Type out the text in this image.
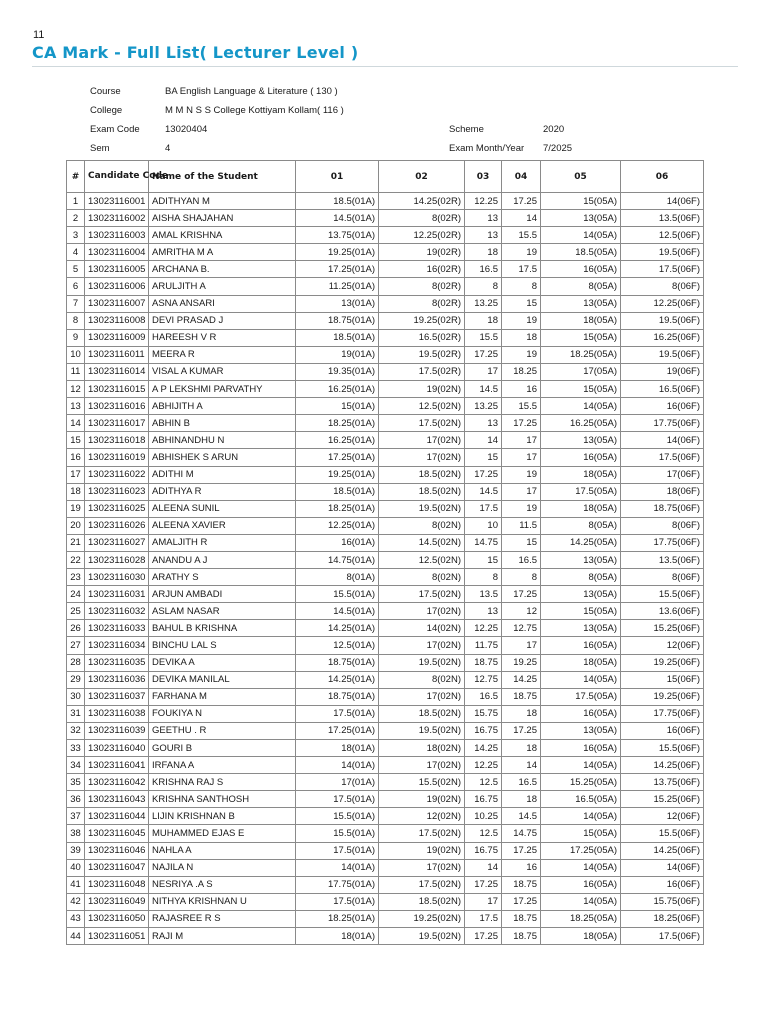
11
CA Mark - Full List( Lecturer Level )
Course	BA English Language & Literature ( 130 )
College	M M N S S College Kottiyam Kollam( 116 )
Exam Code	13020404	Scheme	2020
Sem	4	Exam Month/Year 7/2025
#	Candidate Code	Name of the Student	01	02	03	04	05	06
1	13023116001	ADITHYAN M	18.5(01A)	14.25(02R)	12.25	17.25	15(05A)	14(06F)
2	13023116002	AISHA SHAJAHAN	14.5(01A)	8(02R)	13	14	13(05A)	13.5(06F)
3	13023116003	AMAL KRISHNA	13.75(01A)	12.25(02R)	13	15.5	14(05A)	12.5(06F)
4	13023116004	AMRITHA M A	19.25(01A)	19(02R)	18	19	18.5(05A)	19.5(06F)
5	13023116005	ARCHANA B.	17.25(01A)	16(02R)	16.5	17.5	16(05A)	17.5(06F)
6	13023116006	ARULJITH A	11.25(01A)	8(02R)	8	8	8(05A)	8(06F)
7	13023116007	ASNA ANSARI	13(01A)	8(02R)	13.25	15	13(05A)	12.25(06F)
8	13023116008	DEVI PRASAD J	18.75(01A)	19.25(02R)	18	19	18(05A)	19.5(06F)
9	13023116009	HAREESH V R	18.5(01A)	16.5(02R)	15.5	18	15(05A)	16.25(06F)
10	13023116011	MEERA R	19(01A)	19.5(02R)	17.25	19	18.25(05A)	19.5(06F)
11	13023116014	VISAL A KUMAR	19.35(01A)	17.5(02R)	17	18.25	17(05A)	19(06F)
12	13023116015	A P LEKSHMI PARVATHY	16.25(01A)	19(02N)	14.5	16	15(05A)	16.5(06F)
13	13023116016	ABHIJITH A	15(01A)	12.5(02N)	13.25	15.5	14(05A)	16(06F)
14	13023116017	ABHIN B	18.25(01A)	17.5(02N)	13	17.25	16.25(05A)	17.75(06F)
15	13023116018	ABHINANDHU N	16.25(01A)	17(02N)	14	17	13(05A)	14(06F)
16	13023116019	ABHISHEK S ARUN	17.25(01A)	17(02N)	15	17	16(05A)	17.5(06F)
17	13023116022	ADITHI M	19.25(01A)	18.5(02N)	17.25	19	18(05A)	17(06F)
18	13023116023	ADITHYA R	18.5(01A)	18.5(02N)	14.5	17	17.5(05A)	18(06F)
19	13023116025	ALEENA SUNIL	18.25(01A)	19.5(02N)	17.5	19	18(05A)	18.75(06F)
20	13023116026	ALEENA XAVIER	12.25(01A)	8(02N)	10	11.5	8(05A)	8(06F)
21	13023116027	AMALJITH R	16(01A)	14.5(02N)	14.75	15	14.25(05A)	17.75(06F)
22	13023116028	ANANDU A J	14.75(01A)	12.5(02N)	15	16.5	13(05A)	13.5(06F)
23	13023116030	ARATHY S	8(01A)	8(02N)	8	8	8(05A)	8(06F)
24	13023116031	ARJUN AMBADI	15.5(01A)	17.5(02N)	13.5	17.25	13(05A)	15.5(06F)
25	13023116032	ASLAM NASAR	14.5(01A)	17(02N)	13	12	15(05A)	13.6(06F)
26	13023116033	BAHUL B KRISHNA	14.25(01A)	14(02N)	12.25	12.75	13(05A)	15.25(06F)
27	13023116034	BINCHU LAL S	12.5(01A)	17(02N)	11.75	17	16(05A)	12(06F)
28	13023116035	DEVIKA A	18.75(01A)	19.5(02N)	18.75	19.25	18(05A)	19.25(06F)
29	13023116036	DEVIKA MANILAL	14.25(01A)	8(02N)	12.75	14.25	14(05A)	15(06F)
30	13023116037	FARHANA M	18.75(01A)	17(02N)	16.5	18.75	17.5(05A)	19.25(06F)
31	13023116038	FOUKIYA N	17.5(01A)	18.5(02N)	15.75	18	16(05A)	17.75(06F)
32	13023116039	GEETHU . R	17.25(01A)	19.5(02N)	16.75	17.25	13(05A)	16(06F)
33	13023116040	GOURI B	18(01A)	18(02N)	14.25	18	16(05A)	15.5(06F)
34	13023116041	IRFANA A	14(01A)	17(02N)	12.25	14	14(05A)	14.25(06F)
35	13023116042	KRISHNA RAJ S	17(01A)	15.5(02N)	12.5	16.5	15.25(05A)	13.75(06F)
36	13023116043	KRISHNA SANTHOSH	17.5(01A)	19(02N)	16.75	18	16.5(05A)	15.25(06F)
37	13023116044	LIJIN KRISHNAN B	15.5(01A)	12(02N)	10.25	14.5	14(05A)	12(06F)
38	13023116045	MUHAMMED EJAS E	15.5(01A)	17.5(02N)	12.5	14.75	15(05A)	15.5(06F)
39	13023116046	NAHLA A	17.5(01A)	19(02N)	16.75	17.25	17.25(05A)	14.25(06F)
40	13023116047	NAJILA N	14(01A)	17(02N)	14	16	14(05A)	14(06F)
41	13023116048	NESRIYA .A S	17.75(01A)	17.5(02N)	17.25	18.75	16(05A)	16(06F)
42	13023116049	NITHYA KRISHNAN U	17.5(01A)	18.5(02N)	17	17.25	14(05A)	15.75(06F)
43	13023116050	RAJASREE R S	18.25(01A)	19.25(02N)	17.5	18.75	18.25(05A)	18.25(06F)
44	13023116051	RAJI M	18(01A)	19.5(02N)	17.25	18.75	18(05A)	17.5(06F)
